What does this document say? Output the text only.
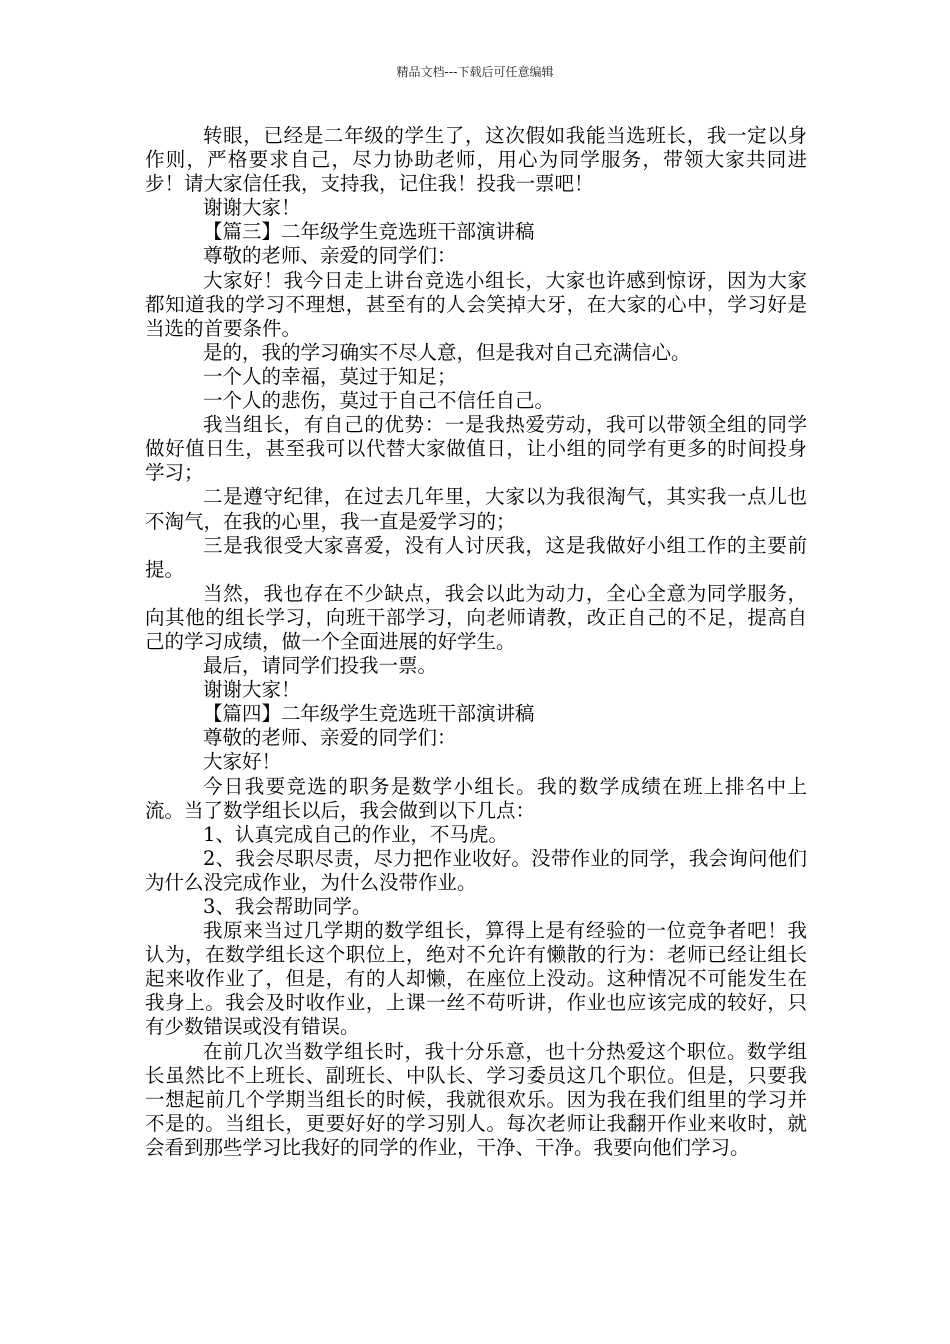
精品文档---下载后可任意编辑

转眼，已经是二年级的学生了，这次假如我能当选班长，我一定以身作则，严格要求自己，尽力协助老师，用心为同学服务，带领大家共同进步！请大家信任我，支持我，记住我！投我一票吧！

谢谢大家！

【篇三】二年级学生竞选班干部演讲稿

尊敬的老师、亲爱的同学们：

大家好！我今日走上讲台竞选小组长，大家也许感到惊讶，因为大家都知道我的学习不理想，甚至有的人会笑掉大牙，在大家的心中，学习好是当选的首要条件。

是的，我的学习确实不尽人意，但是我对自己充满信心。

一个人的幸福，莫过于知足；

一个人的悲伤，莫过于自己不信任自己。

我当组长，有自己的优势：一是我热爱劳动，我可以带领全组的同学做好值日生，甚至我可以代替大家做值日，让小组的同学有更多的时间投身学习；

二是遵守纪律，在过去几年里，大家以为我很淘气，其实我一点儿也不淘气，在我的心里，我一直是爱学习的；

三是我很受大家喜爱，没有人讨厌我，这是我做好小组工作的主要前提。

当然，我也存在不少缺点，我会以此为动力，全心全意为同学服务，向其他的组长学习，向班干部学习，向老师请教，改正自己的不足，提高自己的学习成绩，做一个全面进展的好学生。

最后，请同学们投我一票。

谢谢大家！

【篇四】二年级学生竞选班干部演讲稿

尊敬的老师、亲爱的同学们：

大家好！

今日我要竞选的职务是数学小组长。我的数学成绩在班上排名中上流。当了数学组长以后，我会做到以下几点：

1、认真完成自己的作业，不马虎。

2、我会尽职尽责，尽力把作业收好。没带作业的同学，我会询问他们为什么没完成作业，为什么没带作业。

3、我会帮助同学。

我原来当过几学期的数学组长，算得上是有经验的一位竞争者吧！我认为，在数学组长这个职位上，绝对不允许有懒散的行为：老师已经让组长起来收作业了，但是，有的人却懒，在座位上没动。这种情况不可能发生在我身上。我会及时收作业，上课一丝不苟听讲，作业也应该完成的较好，只有少数错误或没有错误。

在前几次当数学组长时，我十分乐意，也十分热爱这个职位。数学组长虽然比不上班长、副班长、中队长、学习委员这几个职位。但是，只要我一想起前几个学期当组长的时候，我就很欢乐。因为我在我们组里的学习并不是的。当组长，更要好好的学习别人。每次老师让我翻开作业来收时，就会看到那些学习比我好的同学的作业，干净、干净。我要向他们学习。
